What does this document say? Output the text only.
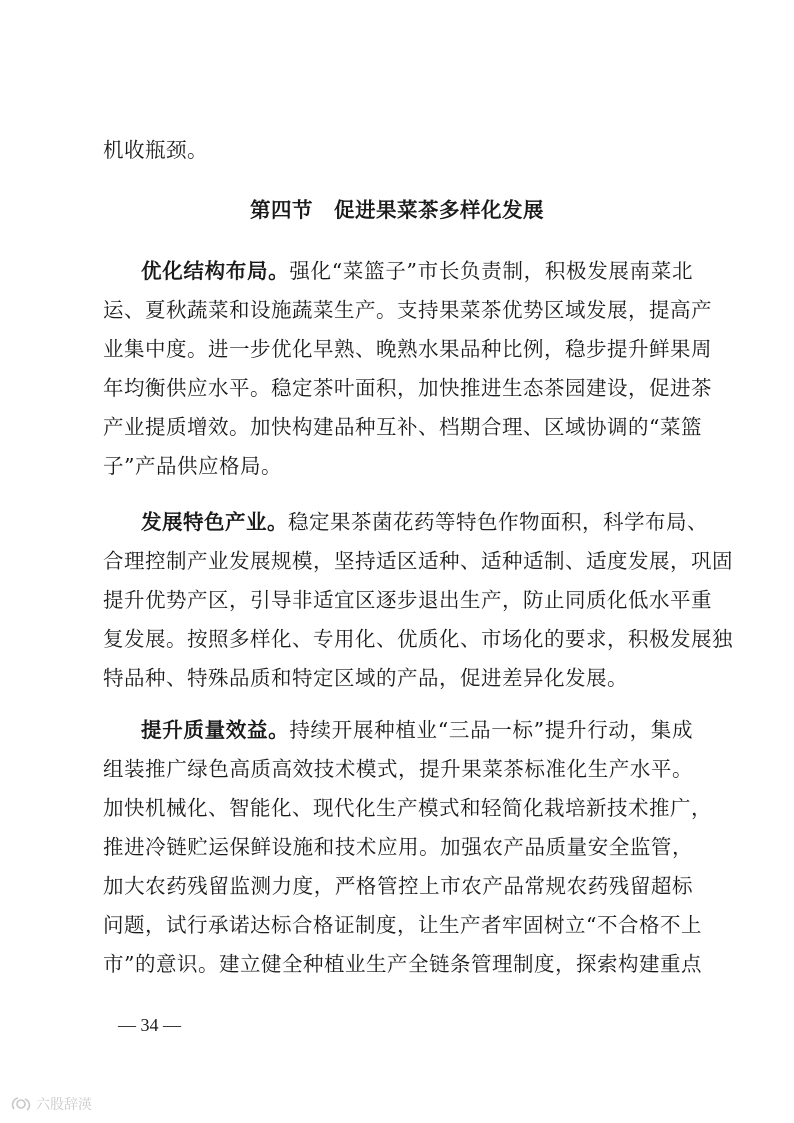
机收瓶颈。
第四节　促进果菜茶多样化发展
优化结构布局。强化“菜篮子”市长负责制，积极发展南菜北
运、夏秋蔬菜和设施蔬菜生产。支持果菜茶优势区域发展，提高产
业集中度。进一步优化早熟、晚熟水果品种比例，稳步提升鲜果周
年均衡供应水平。稳定茶叶面积，加快推进生态茶园建设，促进茶
产业提质增效。加快构建品种互补、档期合理、区域协调的“菜篮
子”产品供应格局。
发展特色产业。稳定果茶菌花药等特色作物面积，科学布局、
合理控制产业发展规模，坚持适区适种、适种适制、适度发展，巩固
提升优势产区，引导非适宜区逐步退出生产，防止同质化低水平重
复发展。按照多样化、专用化、优质化、市场化的要求，积极发展独
特品种、特殊品质和特定区域的产品，促进差异化发展。
提升质量效益。持续开展种植业“三品一标”提升行动，集成
组装推广绿色高质高效技术模式，提升果菜茶标准化生产水平。
加快机械化、智能化、现代化生产模式和轻简化栽培新技术推广，
推进冷链贮运保鲜设施和技术应用。加强农产品质量安全监管，
加大农药残留监测力度，严格管控上市农产品常规农药残留超标
问题，试行承诺达标合格证制度，让生产者牢固树立“不合格不上
市”的意识。建立健全种植业生产全链条管理制度，探索构建重点
— 34 —
六股辞渶
